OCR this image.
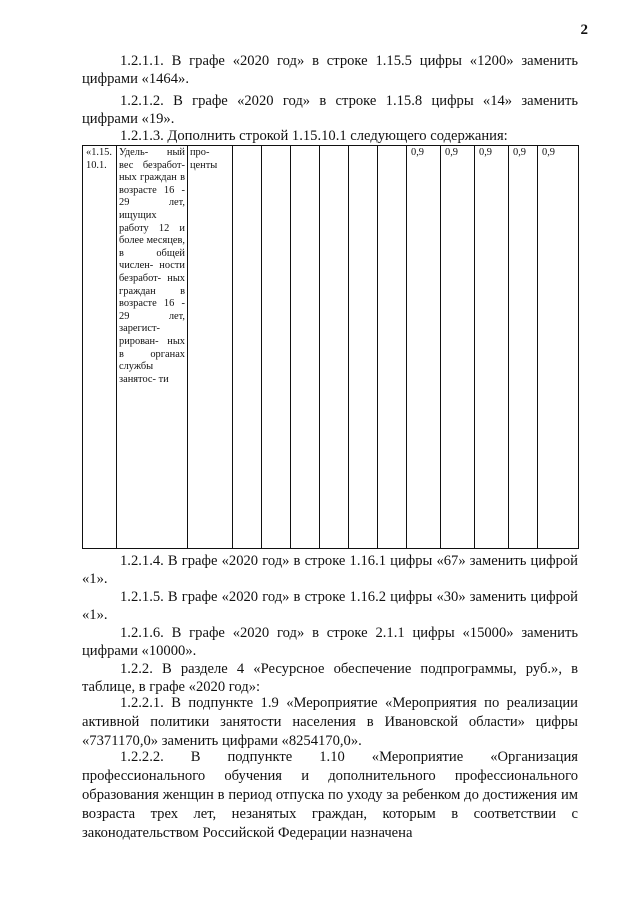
2

1.2.1.1. В графе «2020 год» в строке 1.15.5 цифры «1200» заменить цифрами «1464».

1.2.1.2. В графе «2020 год» в строке 1.15.8 цифры «14» заменить цифрами «19».

1.2.1.3. Дополнить строкой 1.15.10.1 следующего содержания:

«1.15. 10.1.	Удель- ный вес безработ- ных граждан в возрасте 16 - 29 лет, ищущих работу 12 и более месяцев, в общей числен- ности безработ- ных граждан в возрасте 16 - 29 лет, зарегист- рирован- ных в органах службы занятос- ти	про- центы							0,9	0,9	0,9	0,9	0,9

1.2.1.4. В графе «2020 год» в строке 1.16.1 цифры «67» заменить цифрой «1».

1.2.1.5. В графе «2020 год» в строке 1.16.2 цифры «30» заменить цифрой «1».

1.2.1.6. В графе «2020 год» в строке 2.1.1 цифры «15000» заменить цифрами «10000».

1.2.2. В разделе 4 «Ресурсное обеспечение подпрограммы, руб.», в таблице, в графе «2020 год»:

1.2.2.1. В подпункте 1.9 «Мероприятие «Мероприятия по реализации активной политики занятости населения в Ивановской области» цифры «7371170,0» заменить цифрами «8254170,0».

1.2.2.2. В подпункте 1.10 «Мероприятие «Организация профессионального обучения и дополнительного профессионального образования женщин в период отпуска по уходу за ребенком до достижения им возраста трех лет, незанятых граждан, которым в соответствии с законодательством Российской Федерации назначена
